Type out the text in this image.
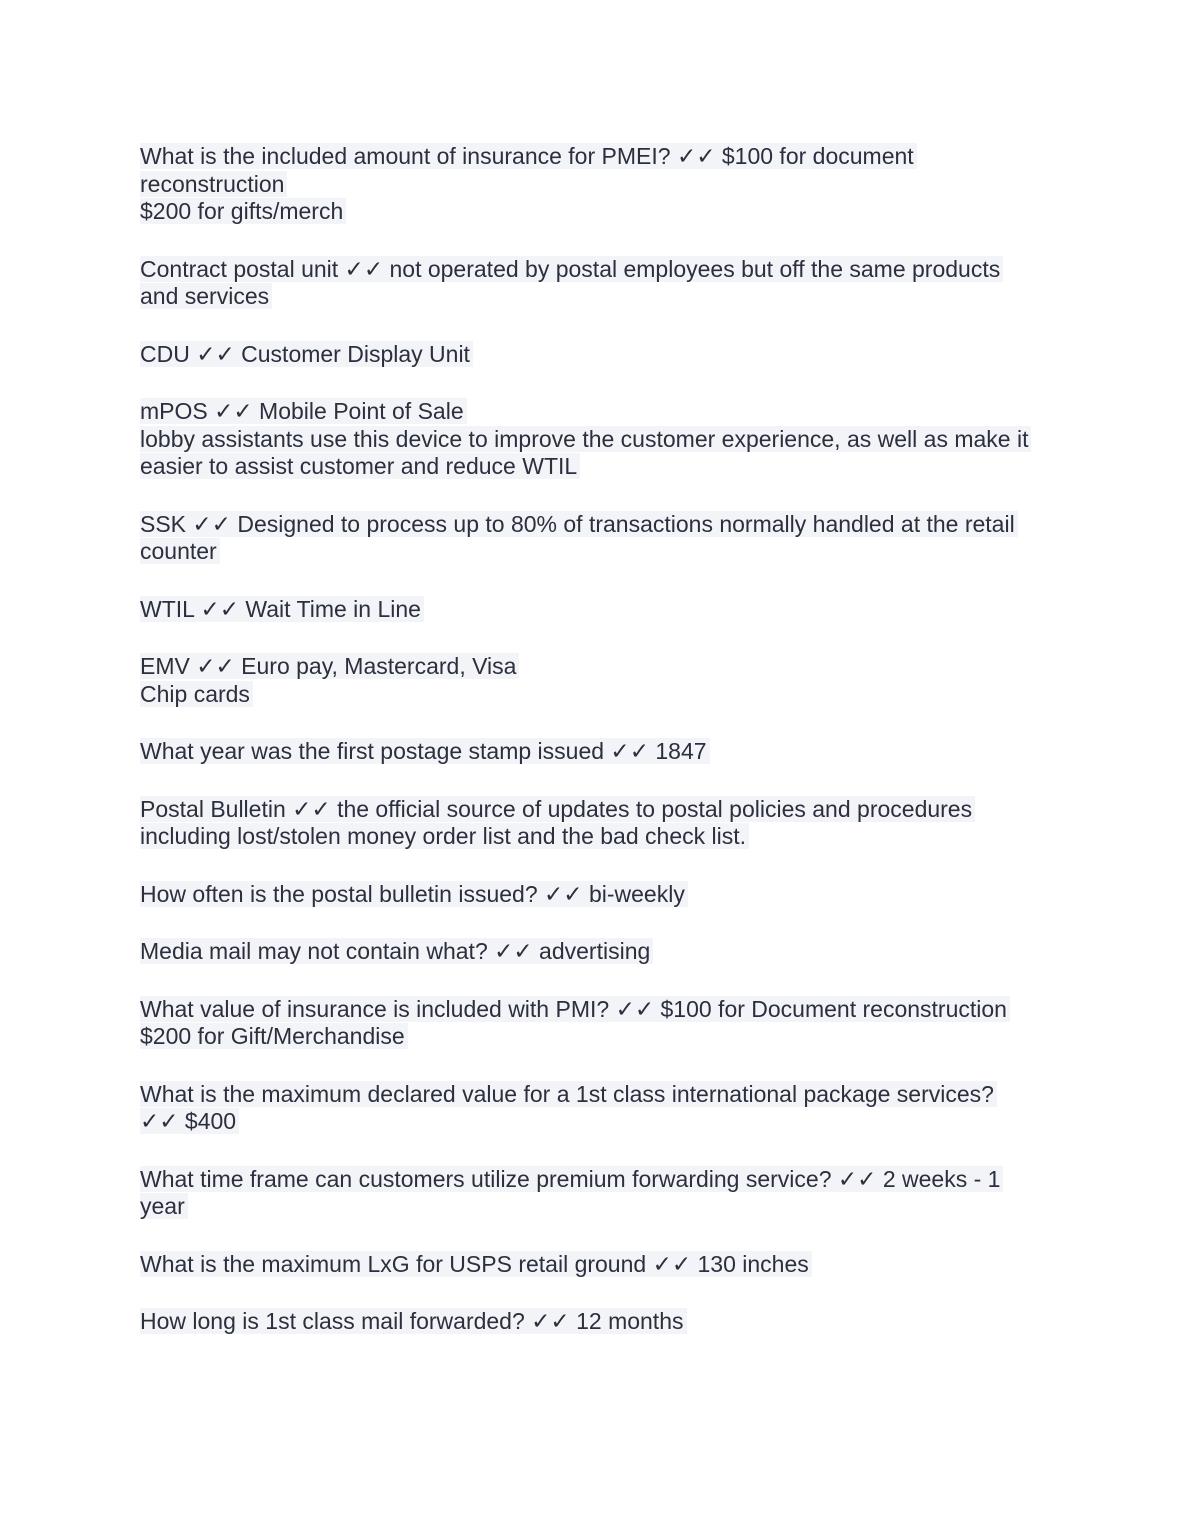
What is the included amount of insurance for PMEI? ✓✓ $100 for document
reconstruction
$200 for gifts/merch
Contract postal unit ✓✓ not operated by postal employees but off the same products
and services
CDU ✓✓ Customer Display Unit
mPOS ✓✓ Mobile Point of Sale
lobby assistants use this device to improve the customer experience, as well as make it
easier to assist customer and reduce WTIL
SSK ✓✓ Designed to process up to 80% of transactions normally handled at the retail
counter
WTIL ✓✓ Wait Time in Line
EMV ✓✓ Euro pay, Mastercard, Visa
Chip cards
What year was the first postage stamp issued ✓✓ 1847
Postal Bulletin ✓✓ the official source of updates to postal policies and procedures
including lost/stolen money order list and the bad check list.
How often is the postal bulletin issued? ✓✓ bi-weekly
Media mail may not contain what? ✓✓ advertising
What value of insurance is included with PMI? ✓✓ $100 for Document reconstruction
$200 for Gift/Merchandise
What is the maximum declared value for a 1st class international package services?
✓✓ $400
What time frame can customers utilize premium forwarding service? ✓✓ 2 weeks - 1
year
What is the maximum LxG for USPS retail ground ✓✓ 130 inches
How long is 1st class mail forwarded? ✓✓ 12 months
